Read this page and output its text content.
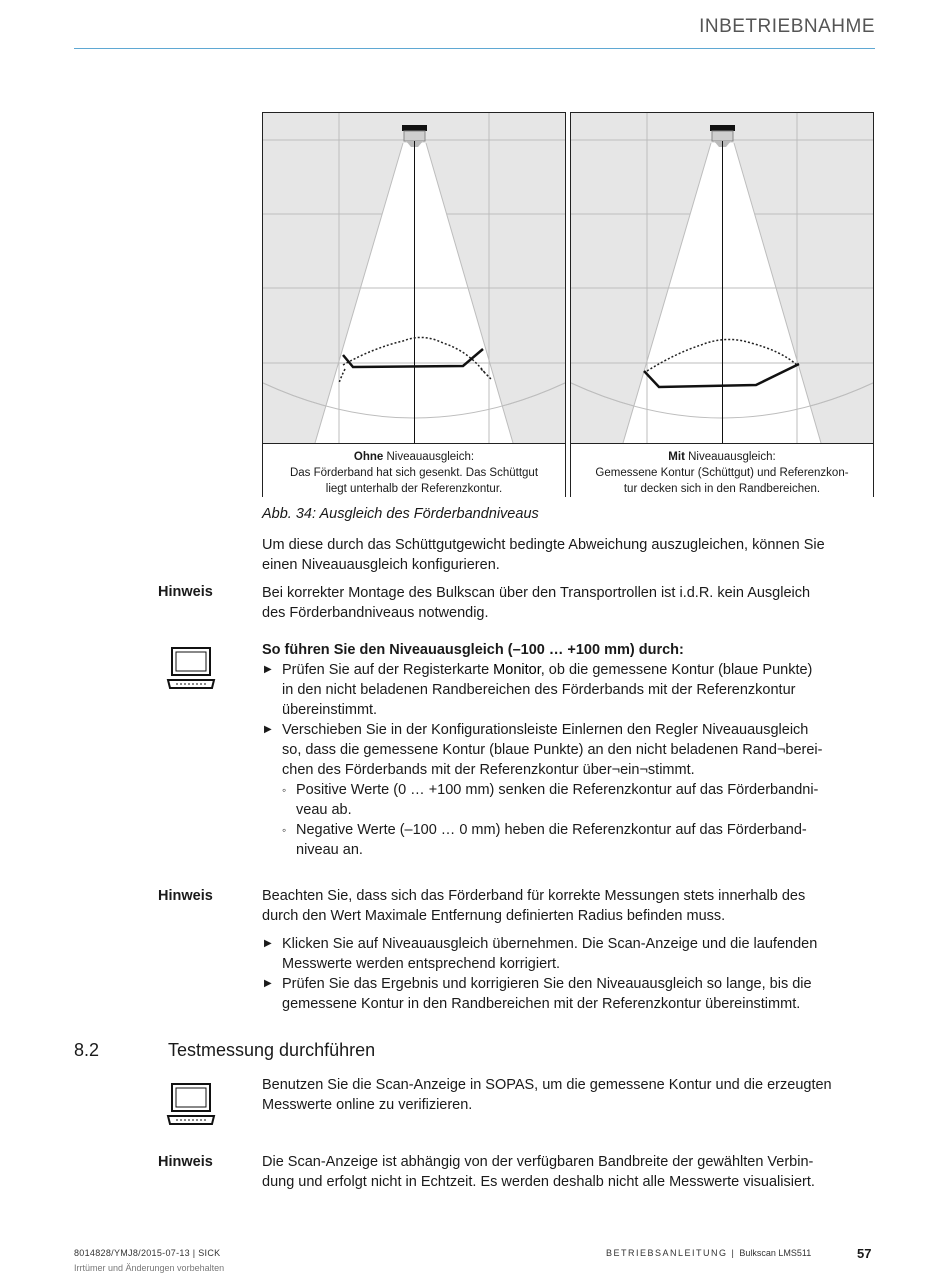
INBETRIEBNAHME
Ohne Niveauausgleich:
Das Förderband hat sich gesenkt. Das Schüttgut
liegt unterhalb der Referenzkontur.
Mit Niveauausgleich:
Gemessene Kontur (Schüttgut) und Referenzkon-
tur decken sich in den Randbereichen.
Abb. 34: Ausgleich des Förderbandniveaus
Um diese durch das Schüttgutgewicht bedingte Abweichung auszugleichen, können Sie
einen Niveauausgleich konfigurieren.
Hinweis	Bei korrekter Montage des Bulkscan über den Transportrollen ist i.d.R. kein Ausgleich
des Förderbandniveaus notwendig.
So führen Sie den Niveauausgleich (–100 … +100 mm) durch:
▶ Prüfen Sie auf der Registerkarte Monitor, ob die gemessene Kontur (blaue Punkte)
in den nicht beladenen Randbereichen des Förderbands mit der Referenzkontur
übereinstimmt.
▶ Verschieben Sie in der Konfigurationsleiste Einlernen den Regler Niveauausgleich
so, dass die gemessene Kontur (blaue Punkte) an den nicht beladenen Rand¬berei-
chen des Förderbands mit der Referenzkontur über¬ein¬stimmt.
◦ Positive Werte (0 … +100 mm) senken die Referenzkontur auf das Förderbandni-
veau ab.
◦ Negative Werte (–100 … 0 mm) heben die Referenzkontur auf das Förderband-
niveau an.
Hinweis	Beachten Sie, dass sich das Förderband für korrekte Messungen stets innerhalb des
durch den Wert Maximale Entfernung definierten Radius befinden muss.
▶ Klicken Sie auf Niveauausgleich übernehmen. Die Scan-Anzeige und die laufenden
Messwerte werden entsprechend korrigiert.
▶ Prüfen Sie das Ergebnis und korrigieren Sie den Niveauausgleich so lange, bis die
gemessene Kontur in den Randbereichen mit der Referenzkontur übereinstimmt.
8.2	Testmessung durchführen
Benutzen Sie die Scan-Anzeige in SOPAS, um die gemessene Kontur und die erzeugten
Messwerte online zu verifizieren.
Hinweis	Die Scan-Anzeige ist abhängig von der verfügbaren Bandbreite der gewählten Verbin-
dung und erfolgt nicht in Echtzeit. Es werden deshalb nicht alle Messwerte visualisiert.
8014828/YMJ8/2015-07-13 | SICK
Irrtümer und Änderungen vorbehalten
BETRIEBSANLEITUNG | Bulkscan LMS511	57
